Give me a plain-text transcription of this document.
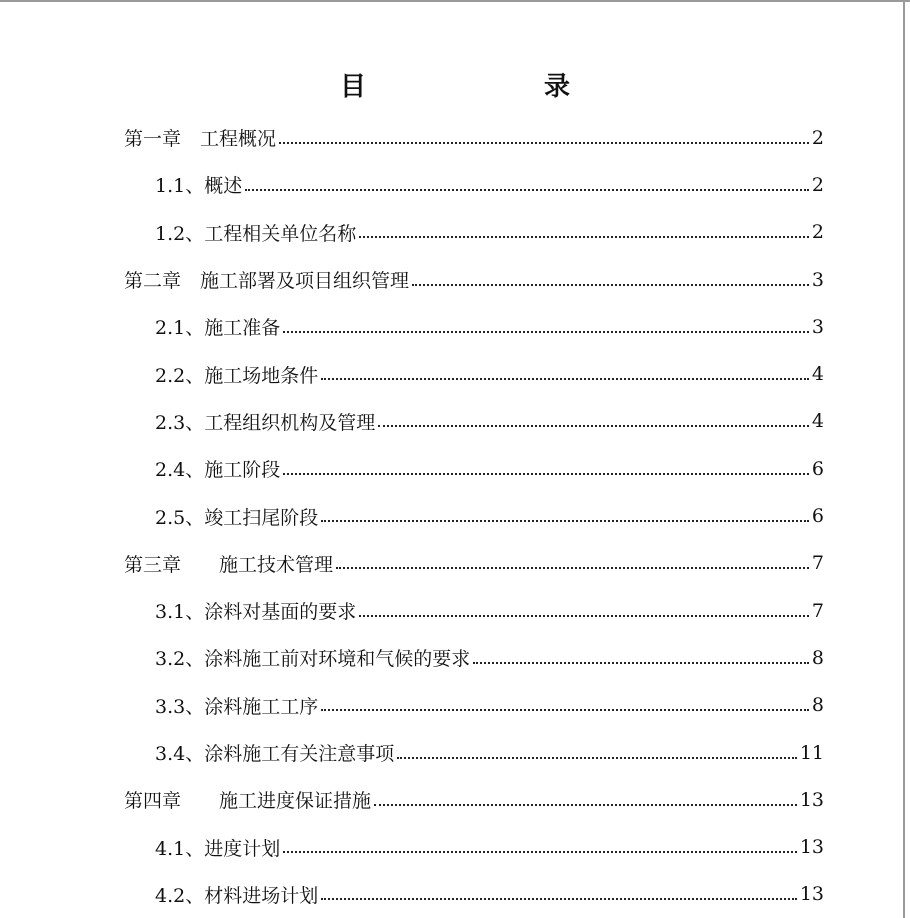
目　　录
第一章　工程概况	2
1.1、概述	2
1.2、工程相关单位名称	2
第二章　施工部署及项目组织管理	3
2.1、施工准备	3
2.2、施工场地条件	4
2.3、工程组织机构及管理	4
2.4、施工阶段	6
2.5、竣工扫尾阶段	6
第三章　　施工技术管理	7
3.1、涂料对基面的要求	7
3.2、涂料施工前对环境和气候的要求	8
3.3、涂料施工工序	8
3.4、涂料施工有关注意事项	11
第四章　　施工进度保证措施	13
4.1、进度计划	13
4.2、材料进场计划	13
